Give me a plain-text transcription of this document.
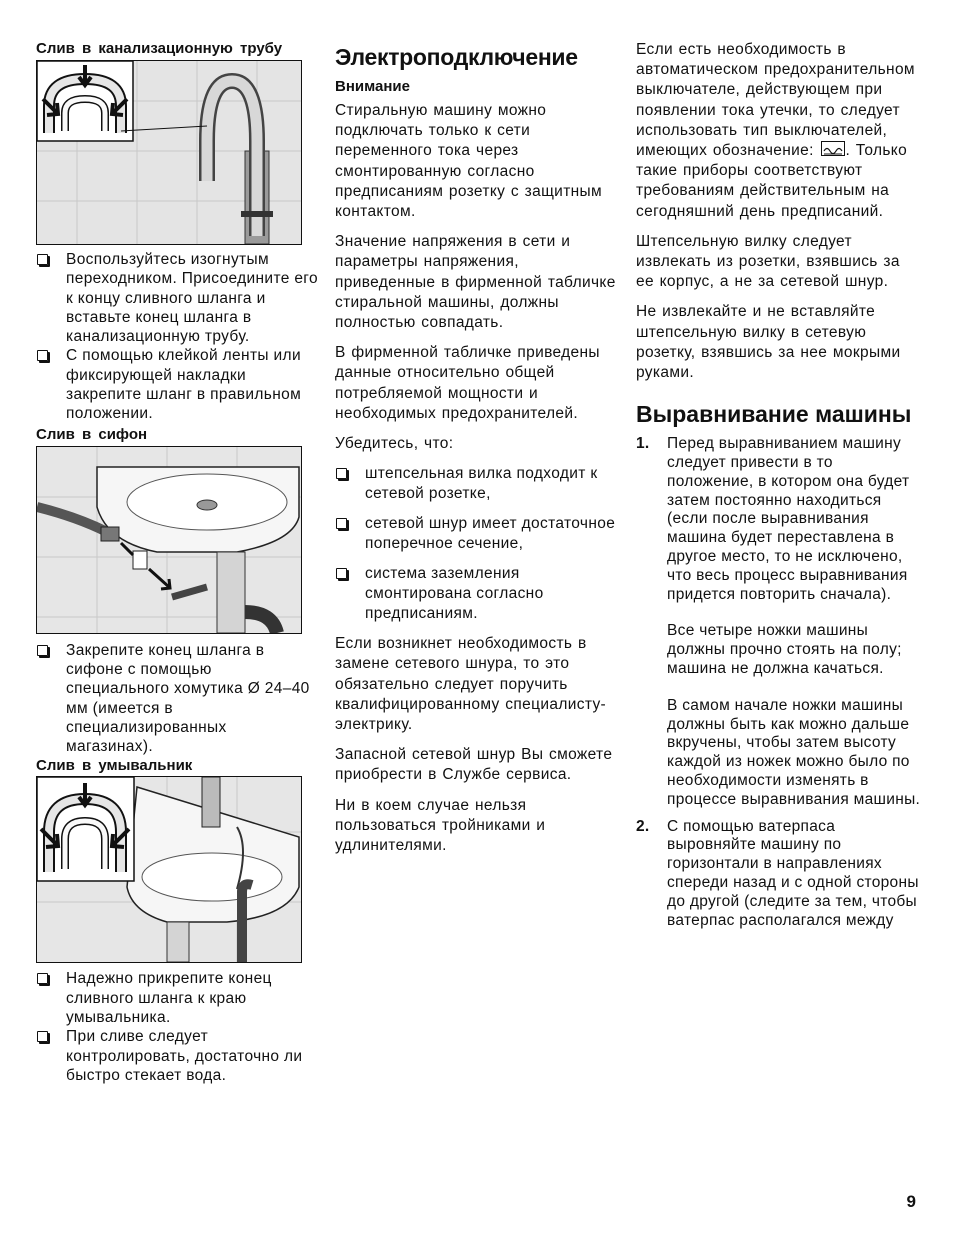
Слив в канализационную трубу
Воспользуйтесь изогнутым переходником. Присоедините его к концу сливного шланга и вставьте конец шланга в канализационную трубу.
С помощью клейкой ленты или фиксирующей накладки закрепите шланг в правильном положении.
Слив в сифон
Закрепите конец шланга в сифоне с помощью специального хомутика Ø 24–40 мм (имеется в специализированных магазинах).
Слив в умывальник
Надежно прикрепите конец сливного шланга к краю умывальника.
При сливе следует контролировать, достаточно ли быстро стекает вода.
Электроподключение
Внимание

Стиральную машину можно подключать только к сети переменного тока через смонтированную согласно предписаниям розетку с защитным контактом.

Значение напряжения в сети и параметры напряжения, приведенные в фирменной табличке стиральной машины, должны полностью совпадать.

В фирменной табличке приведены данные относительно общей потребляемой мощности и необходимых предохранителей.

Убедитесь, что:

штепсельная вилка подходит к сетевой розетке,
сетевой шнур имеет достаточное поперечное сечение,
система заземления смонтирована согласно предписаниям.

Если возникнет необходимость в замене сетевого шнура, то это обязательно следует поручить квалифицированному специалисту-электрику.

Запасной сетевой шнур Вы сможете приобрести в Службе сервиса.

Ни в коем случае нельзя пользоваться тройниками и удлинителями.

Если есть необходимость в автоматическом предохранительном выключателе, действующем при появлении тока утечки, то следует использовать тип выключателей, имеющих обозначение: . Только такие приборы соответствуют требованиям действительным на сегодняшний день предписаний.

Штепсельную вилку следует извлекать из розетки, взявшись за ее корпус, а не за сетевой шнур.

Не извлекайте и не вставляйте штепсельную вилку в сетевую розетку, взявшись за нее мокрыми руками.

Выравнивание машины
1. Перед выравниванием машину следует привести в то положение, в котором она будет затем постоянно находиться (если после выравнивания машина будет переставлена в другое место, то не исключено, что весь процесс выравнивания придется повторить сначала).
Все четыре ножки машины должны прочно стоять на полу; машина не должна качаться.
В самом начале ножки машины должны быть как можно дальше вкручены, чтобы затем высоту каждой из ножек можно было по необходимости изменять в процессе выравнивания машины.
2. С помощью ватерпаса выровняйте машину по горизонтали в направлениях спереди назад и с одной стороны до другой (следите за тем, чтобы ватерпас располагался между
9
